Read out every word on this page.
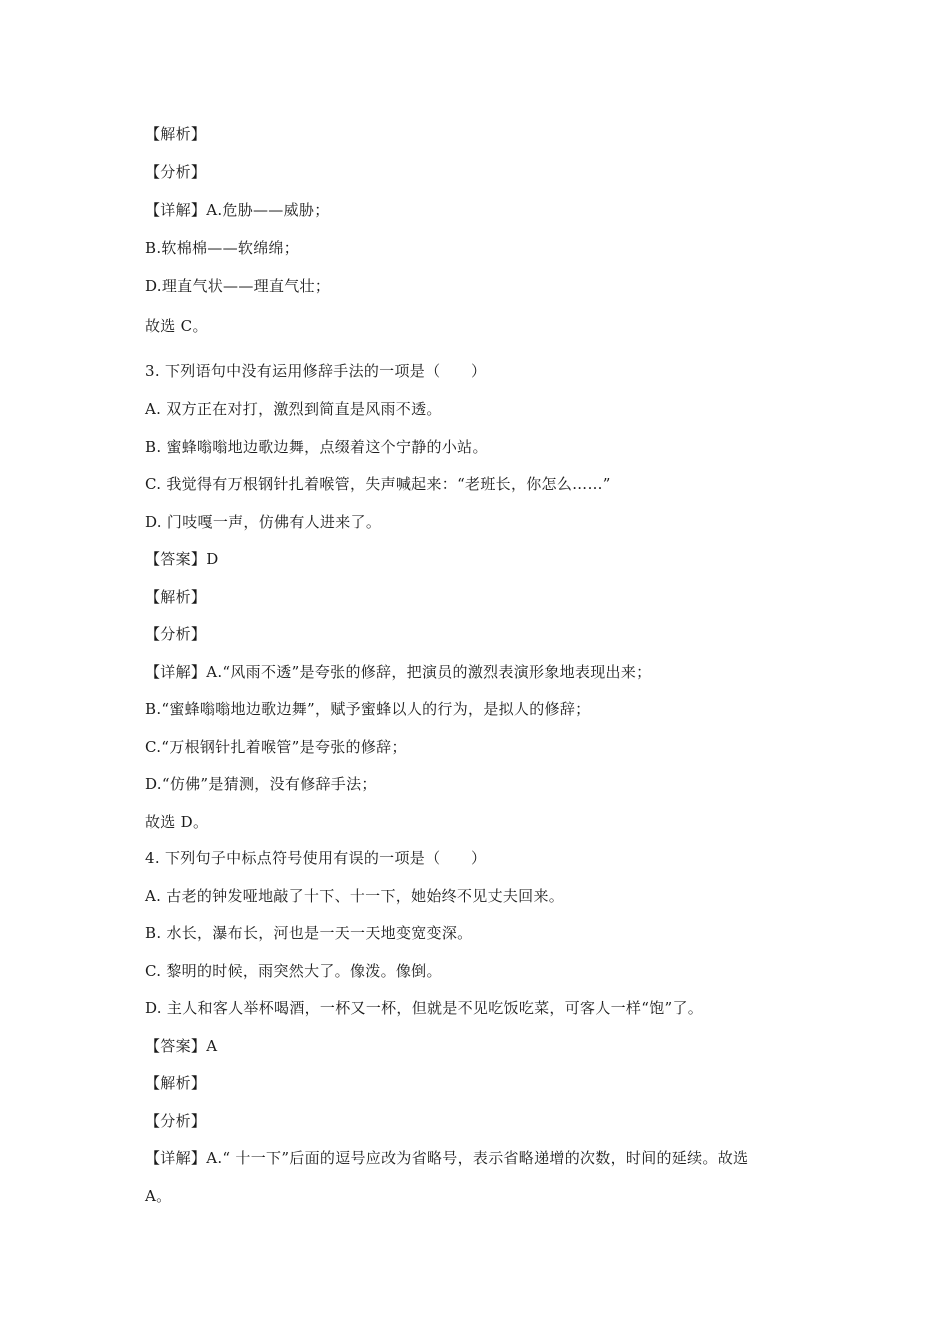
【解析】
【分析】
【详解】A.危胁——威胁；
B.软棉棉——软绵绵；
D.理直气状——理直气壮；
故选 C。
3. 下列语句中没有运用修辞手法的一项是（　　）
A. 双方正在对打，激烈到简直是风雨不透。
B. 蜜蜂嗡嗡地边歌边舞，点缀着这个宁静的小站。
C. 我觉得有万根钢针扎着喉管，失声喊起来：“老班长，你怎么……”
D. 门吱嘎一声，仿佛有人进来了。
【答案】D
【解析】
【分析】
【详解】A.“风雨不透”是夸张的修辞，把演员的激烈表演形象地表现出来；
B.“蜜蜂嗡嗡地边歌边舞”，赋予蜜蜂以人的行为，是拟人的修辞；
C.“万根钢针扎着喉管”是夸张的修辞；
D.“仿佛”是猜测，没有修辞手法；
故选 D。
4. 下列句子中标点符号使用有误的一项是（　　）
A. 古老的钟发哑地敲了十下、十一下，她始终不见丈夫回来。
B. 水长，瀑布长，河也是一天一天地变宽变深。
C. 黎明的时候，雨突然大了。像泼。像倒。
D. 主人和客人举杯喝酒，一杯又一杯，但就是不见吃饭吃菜，可客人一样“饱”了。
【答案】A
【解析】
【分析】
【详解】A.“ 十一下”后面的逗号应改为省略号，表示省略递增的次数，时间的延续。故选
A。
